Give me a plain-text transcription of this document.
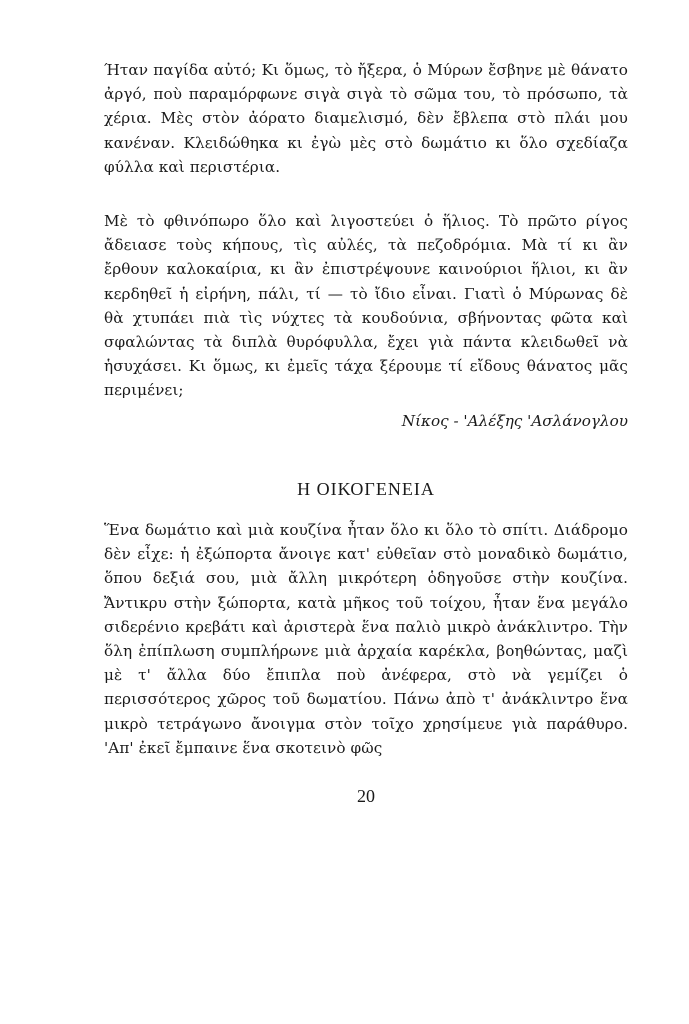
Ήταν παγίδα αὐτό; Κι ὅμως, τὸ ἤξερα, ὁ Μύρων ἔσβηνε μὲ θάνατο ἀργό, ποὺ παραμόρφωνε σιγὰ σιγὰ τὸ σῶμα του, τὸ πρόσωπο, τὰ χέρια. Μὲς στὸν ἀόρατο διαμελισμό, δὲν ἔβλεπα στὸ πλάι μου κανέναν. Κλειδώθηκα κι ἐγὼ μὲς στὸ δωμάτιο κι ὅλο σχεδίαζα φύλλα καὶ περιστέρια.

Μὲ τὸ φθινόπωρο ὅλο καὶ λιγοστεύει ὁ ἥλιος. Τὸ πρῶτο ρίγος ἄδειασε τοὺς κήπους, τὶς αὐλές, τὰ πεζοδρόμια. Μὰ τί κι ἂν ἔρθουν καλοκαίρια, κι ἂν ἐπιστρέψουνε καινούριοι ἥλιοι, κι ἂν κερδηθεῖ ἡ εἰρήνη, πάλι, τί — τὸ ἴδιο εἶναι. Γιατὶ ὁ Μύρωνας δὲ θὰ χτυπάει πιὰ τὶς νύχτες τὰ κουδούνια, σβήνοντας φῶτα καὶ σφαλώντας τὰ διπλὰ θυρόφυλλα, ἔχει γιὰ πάντα κλειδωθεῖ νὰ ἡσυχάσει. Κι ὅμως, κι ἐμεῖς τάχα ξέρουμε τί εἴδους θάνατος μᾶς περιμένει;

Νίκος - 'Αλέξης 'Ασλάνογλου
Η ΟΙΚΟΓΕΝΕΙΑ

Ἕνα δωμάτιο καὶ μιὰ κουζίνα ἦταν ὅλο κι ὅλο τὸ σπίτι. Διάδρομο δὲν εἶχε: ἡ ἐξώπορτα ἄνοιγε κατ' εὐθεῖαν στὸ μοναδικὸ δωμάτιο, ὅπου δεξιά σου, μιὰ ἄλλη μικρότερη ὁδηγοῦσε στὴν κουζίνα. Ἄντικρυ στὴν ξώπορτα, κατὰ μῆκος τοῦ τοίχου, ἦταν ἕνα μεγάλο σιδερένιο κρεβάτι καὶ ἀριστερὰ ἕνα παλιὸ μικρὸ ἀνάκλιντρο. Τὴν ὅλη ἐπίπλωση συμπλήρωνε μιὰ ἀρχαία καρέκλα, βοηθώντας, μαζὶ μὲ τ' ἄλλα δύο ἔπιπλα ποὺ ἀνέφερα, στὸ νὰ γεμίζει ὁ περισσότερος χῶρος τοῦ δωματίου. Πάνω ἀπὸ τ' ἀνάκλιντρο ἕνα μικρὸ τετράγωνο ἄνοιγμα στὸν τοῖχο χρησίμευε γιὰ παράθυρο. 'Απ' ἐκεῖ ἔμπαινε ἕνα σκοτεινὸ φῶς

20
